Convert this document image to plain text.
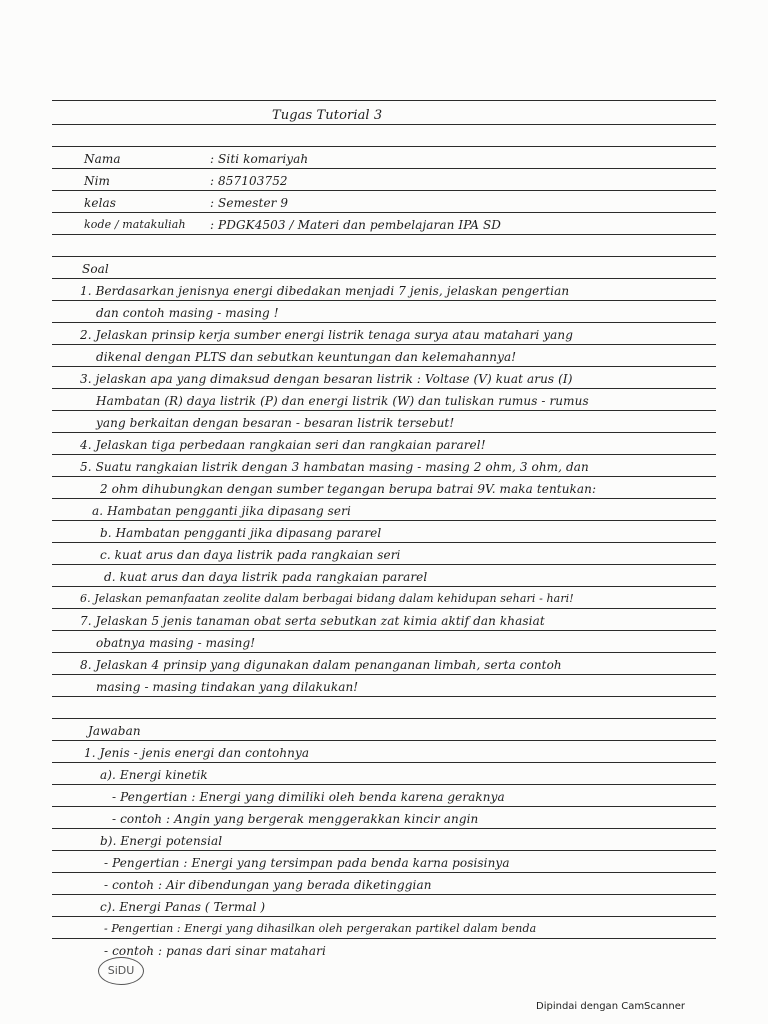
Tugas Tutorial 3
Nama	: Siti komariyah
Nim	: 857103752
kelas	: Semester 9
kode / matakuliah : PDGK4503 / Materi dan pembelajaran IPA SD
Soal
1. Berdasarkan jenisnya energi dibedakan menjadi 7 jenis, jelaskan pengertian
dan contoh masing - masing !
2. Jelaskan prinsip kerja sumber energi listrik tenaga surya atau matahari yang
dikenal dengan PLTS dan sebutkan keuntungan dan kelemahannya!
3. jelaskan apa yang dimaksud dengan besaran listrik : Voltase (V) kuat arus (I)
Hambatan (R) daya listrik (P) dan energi listrik (W) dan tuliskan rumus - rumus
yang berkaitan dengan besaran - besaran listrik tersebut!
4. Jelaskan tiga perbedaan rangkaian seri dan rangkaian pararel!
5. Suatu rangkaian listrik dengan 3 hambatan masing - masing 2 ohm, 3 ohm, dan
2 ohm dihubungkan dengan sumber tegangan berupa batrai 9V. maka tentukan:
a. Hambatan pengganti jika dipasang seri
b. Hambatan pengganti jika dipasang pararel
c. kuat arus dan daya listrik pada rangkaian seri
d. kuat arus dan daya listrik pada rangkaian pararel
6. Jelaskan pemanfaatan zeolite dalam berbagai bidang dalam kehidupan sehari - hari!
7. Jelaskan 5 jenis tanaman obat serta sebutkan zat kimia aktif dan khasiat
obatnya masing - masing!
8. Jelaskan 4 prinsip yang digunakan dalam penanganan limbah, serta contoh
masing - masing tindakan yang dilakukan!
Jawaban
1. Jenis - jenis energi dan contohnya
a). Energi kinetik
- Pengertian : Energi yang dimiliki oleh benda karena geraknya
- contoh : Angin yang bergerak menggerakkan kincir angin
b). Energi potensial
- Pengertian : Energi yang tersimpan pada benda karna posisinya
- contoh : Air dibendungan yang berada diketinggian
c). Energi Panas ( Termal )
- Pengertian : Energi yang dihasilkan oleh pergerakan partikel dalam benda
- contoh : panas dari sinar matahari
SiDU
Dipindai dengan CamScanner
